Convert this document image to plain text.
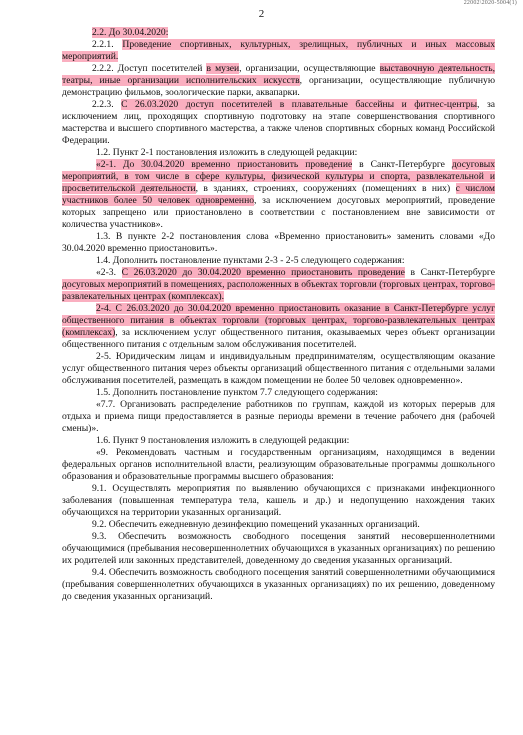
22002\2020-5004(1)
2

2.2. До 30.04.2020:

2.2.1. Проведение спортивных, культурных, зрелищных, публичных и иных массовых мероприятий.

2.2.2. Доступ посетителей в музеи, организации, осуществляющие выставочную деятельность, театры, иные организации исполнительских искусств, организации, осуществляющие публичную демонстрацию фильмов, зоологические парки, аквапарки.

2.2.3. С 26.03.2020 доступ посетителей в плавательные бассейны и фитнес-центры, за исключением лиц, проходящих спортивную подготовку на этапе совершенствования спортивного мастерства и высшего спортивного мастерства, а также членов спортивных сборных команд Российской Федерации.

1.2. Пункт 2-1 постановления изложить в следующей редакции:

«2-1. До 30.04.2020 временно приостановить проведение в Санкт-Петербурге досуговых мероприятий, в том числе в сфере культуры, физической культуры и спорта, развлекательной и просветительской деятельности, в зданиях, строениях, сооружениях (помещениях в них) с числом участников более 50 человек одновременно, за исключением досуговых мероприятий, проведение которых запрещено или приостановлено в соответствии с постановлением вне зависимости от количества участников».

1.3. В пункте 2-2 постановления слова «Временно приостановить» заменить словами «До 30.04.2020 временно приостановить».

1.4. Дополнить постановление пунктами 2-3 - 2-5 следующего содержания:

«2-3. С 26.03.2020 до 30.04.2020 временно приостановить проведение в Санкт-Петербурге досуговых мероприятий в помещениях, расположенных в объектах торговли (торговых центрах, торгово-развлекательных центрах (комплексах).

2-4. С 26.03.2020 до 30.04.2020 временно приостановить оказание в Санкт-Петербурге услуг общественного питания в объектах торговли (торговых центрах, торгово-развлекательных центрах (комплексах), за исключением услуг общественного питания, оказываемых через объект организации общественного питания с отдельным залом обслуживания посетителей.

2-5. Юридическим лицам и индивидуальным предпринимателям, осуществляющим оказание услуг общественного питания через объекты организаций общественного питания с отдельными залами обслуживания посетителей, размещать в каждом помещении не более 50 человек одновременно».

1.5. Дополнить постановление пунктом 7.7 следующего содержания:

«7.7. Организовать распределение работников по группам, каждой из которых перерыв для отдыха и приема пищи предоставляется в разные периоды времени в течение рабочего дня (рабочей смены)».

1.6. Пункт 9 постановления изложить в следующей редакции:

«9. Рекомендовать частным и государственным организациям, находящимся в ведении федеральных органов исполнительной власти, реализующим образовательные программы дошкольного образования и образовательные программы высшего образования:

9.1. Осуществлять мероприятия по выявлению обучающихся с признаками инфекционного заболевания (повышенная температура тела, кашель и др.) и недопущению нахождения таких обучающихся на территории указанных организаций.

9.2. Обеспечить ежедневную дезинфекцию помещений указанных организаций.

9.3. Обеспечить возможность свободного посещения занятий несовершеннолетними обучающимися (пребывания несовершеннолетних обучающихся в указанных организациях) по решению их родителей или законных представителей, доведенному до сведения указанных организаций.

9.4. Обеспечить возможность свободного посещения занятий совершеннолетними обучающимися (пребывания совершеннолетних обучающихся в указанных организациях) по их решению, доведенному до сведения указанных организаций.
